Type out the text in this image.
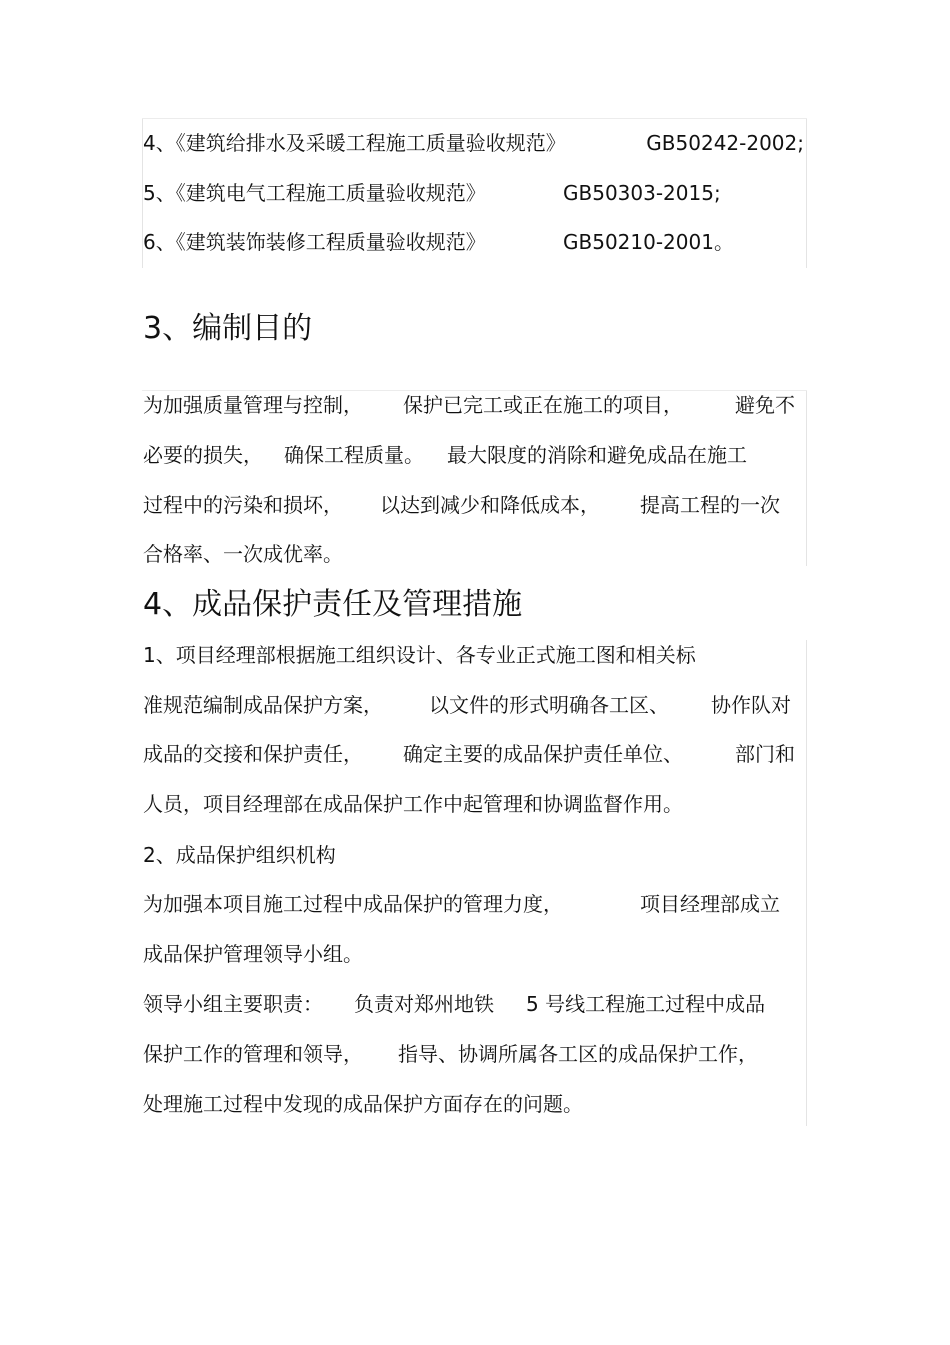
4、《建筑给排水及采暖工程施工质量验收规范》	GB50242-2002;
5、《建筑电气工程施工质量验收规范》	GB50303-2015;
6、《建筑装饰装修工程质量验收规范》	GB50210-2001。
3、编制目的
为加强质量管理与控制， 保护已完工或正在施工的项目，	避免不
必要的损失， 确保工程质量。 最大限度的消除和避免成品在施工
过程中的污染和损坏， 以达到减少和降低成本， 提高工程的一次
合格率、一次成优率。
4、成品保护责任及管理措施
1、项目经理部根据施工组织设计、各专业正式施工图和相关标
准规范编制成品保护方案， 以文件的形式明确各工区、 协作队对
成品的交接和保护责任， 确定主要的成品保护责任单位、	部门和
人员，项目经理部在成品保护工作中起管理和协调监督作用。
2、成品保护组织机构
为加强本项目施工过程中成品保护的管理力度，	项目经理部成立
成品保护管理领导小组。
领导小组主要职责： 负责对郑州地铁 5 号线工程施工过程中成品
保护工作的管理和领导， 指导、协调所属各工区的成品保护工作，
处理施工过程中发现的成品保护方面存在的问题。
